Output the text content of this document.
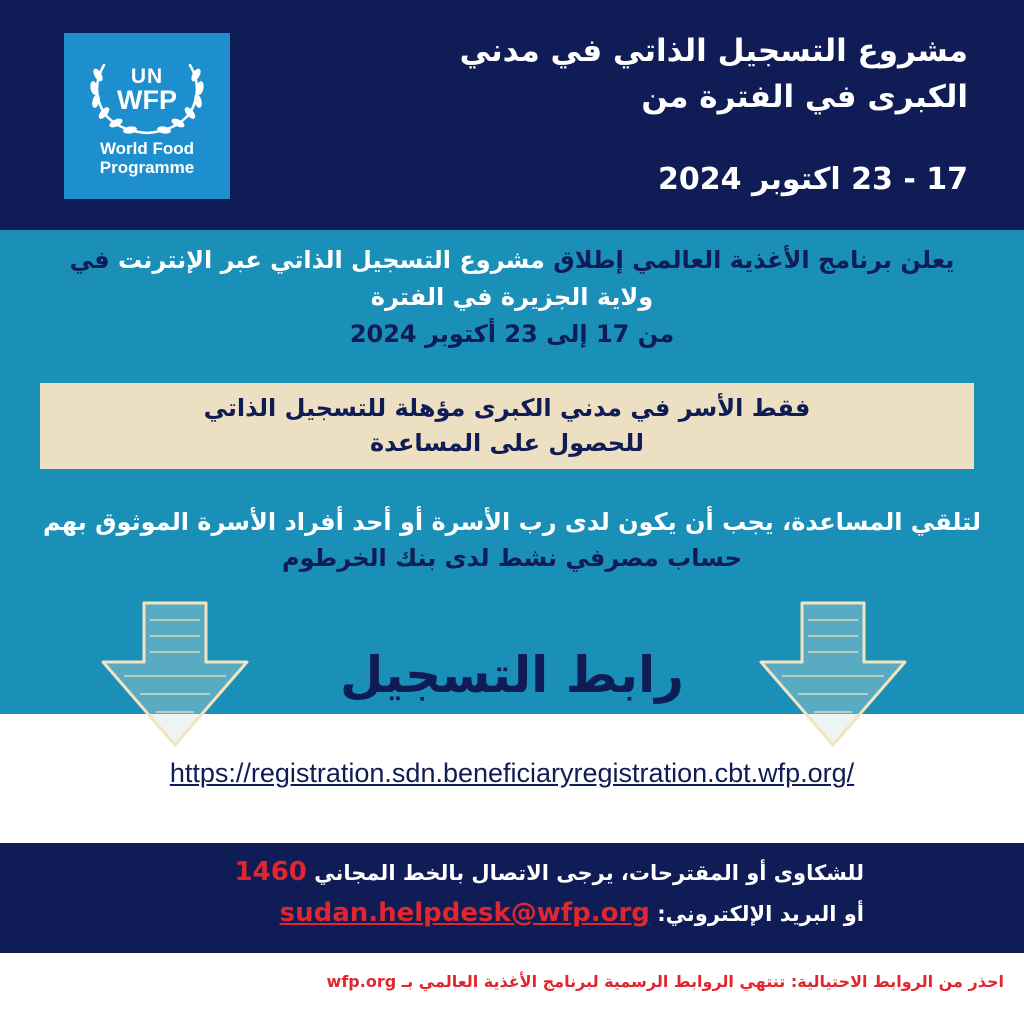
UN
WFP
World Food
Programme
مشروع التسجيل الذاتي في مدني
الكبرى في الفترة من
17 - 23 اكتوبر 2024
يعلن برنامج الأغذية العالمي إطلاق مشروع التسجيل الذاتي عبر الإنترنت في ولاية الجزيرة في الفترة
من 17 إلى 23 أكتوبر 2024
فقط الأسر في مدني الكبرى مؤهلة للتسجيل الذاتي
للحصول على المساعدة
لتلقي المساعدة، يجب أن يكون لدى رب الأسرة أو أحد أفراد الأسرة الموثوق بهم حساب مصرفي نشط لدى بنك الخرطوم
رابط التسجيل
https://registration.sdn.beneficiaryregistration.cbt.wfp.org/
للشكاوى أو المقترحات، يرجى الاتصال بالخط المجاني 1460
أو البريد الإلكتروني: sudan.helpdesk@wfp.org
احذر من الروابط الاحتيالية: تنتهي الروابط الرسمية لبرنامج الأغذية العالمي بـ wfp.org
